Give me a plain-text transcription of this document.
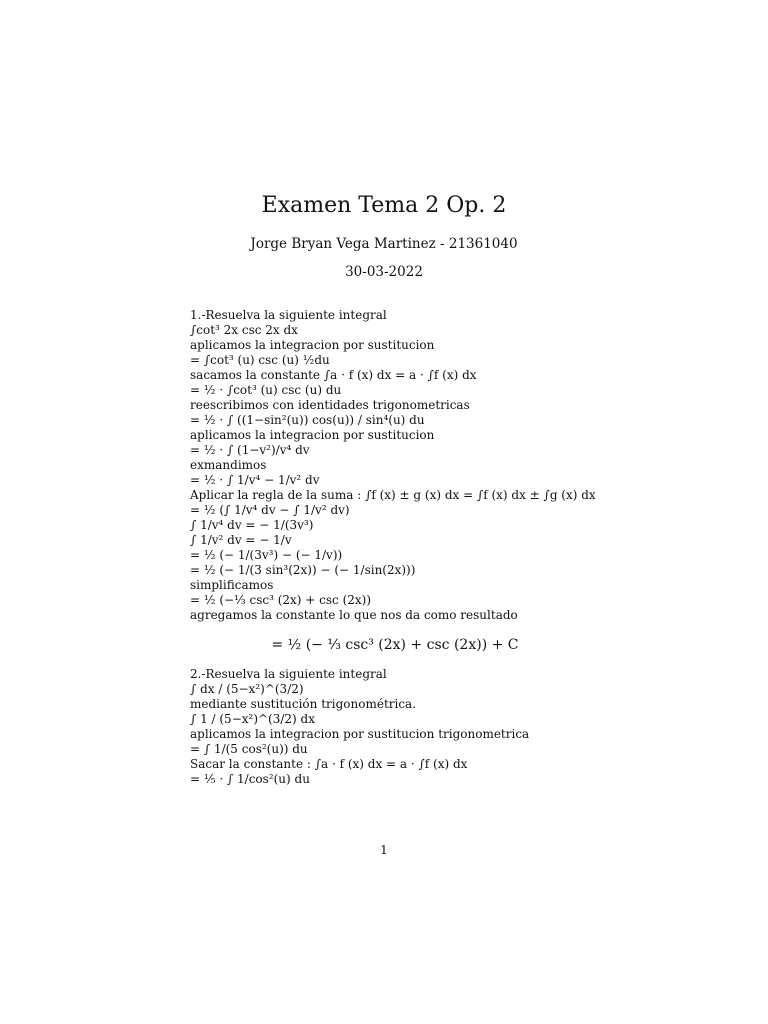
Examen Tema 2 Op. 2
Jorge Bryan Vega Martinez - 21361040
30-03-2022
1.-Resuelva la siguiente integral
∫cot³ 2x csc 2x dx
aplicamos la integracion por sustitucion
= ∫cot³ (u) csc (u) ½du
sacamos la constante ∫a · f (x) dx = a · ∫f (x) dx
= ½ · ∫cot³ (u) csc (u) du
reescribimos con identidades trigonometricas
= ½ · ∫ ((1−sin²(u)) cos(u)) / sin⁴(u) du
aplicamos la integracion por sustitucion
= ½ · ∫ (1−v²)/v⁴ dv
exmandimos
= ½ · ∫ 1/v⁴ − 1/v² dv
Aplicar la regla de la suma : ∫f (x) ± g (x) dx = ∫f (x) dx ± ∫g (x) dx
= ½ (∫ 1/v⁴ dv − ∫ 1/v² dv)
∫ 1/v⁴ dv = − 1/(3v³)
∫ 1/v² dv = − 1/v
= ½ (− 1/(3v³) − (− 1/v))
= ½ (− 1/(3 sin³(2x)) − (− 1/sin(2x)))
simplificamos
= ½ (−⅓ csc³ (2x) + csc (2x))
agregamos la constante lo que nos da como resultado
= ½ (− ⅓ csc³ (2x) + csc (2x)) + C
2.-Resuelva la siguiente integral
∫ dx / (5−x²)^(3/2)
mediante sustitución trigonométrica.
∫ 1 / (5−x²)^(3/2) dx
aplicamos la integracion por sustitucion trigonometrica
= ∫ 1/(5 cos²(u)) du
Sacar la constante : ∫a · f (x) dx = a · ∫f (x) dx
= ⅕ · ∫ 1/cos²(u) du
1
